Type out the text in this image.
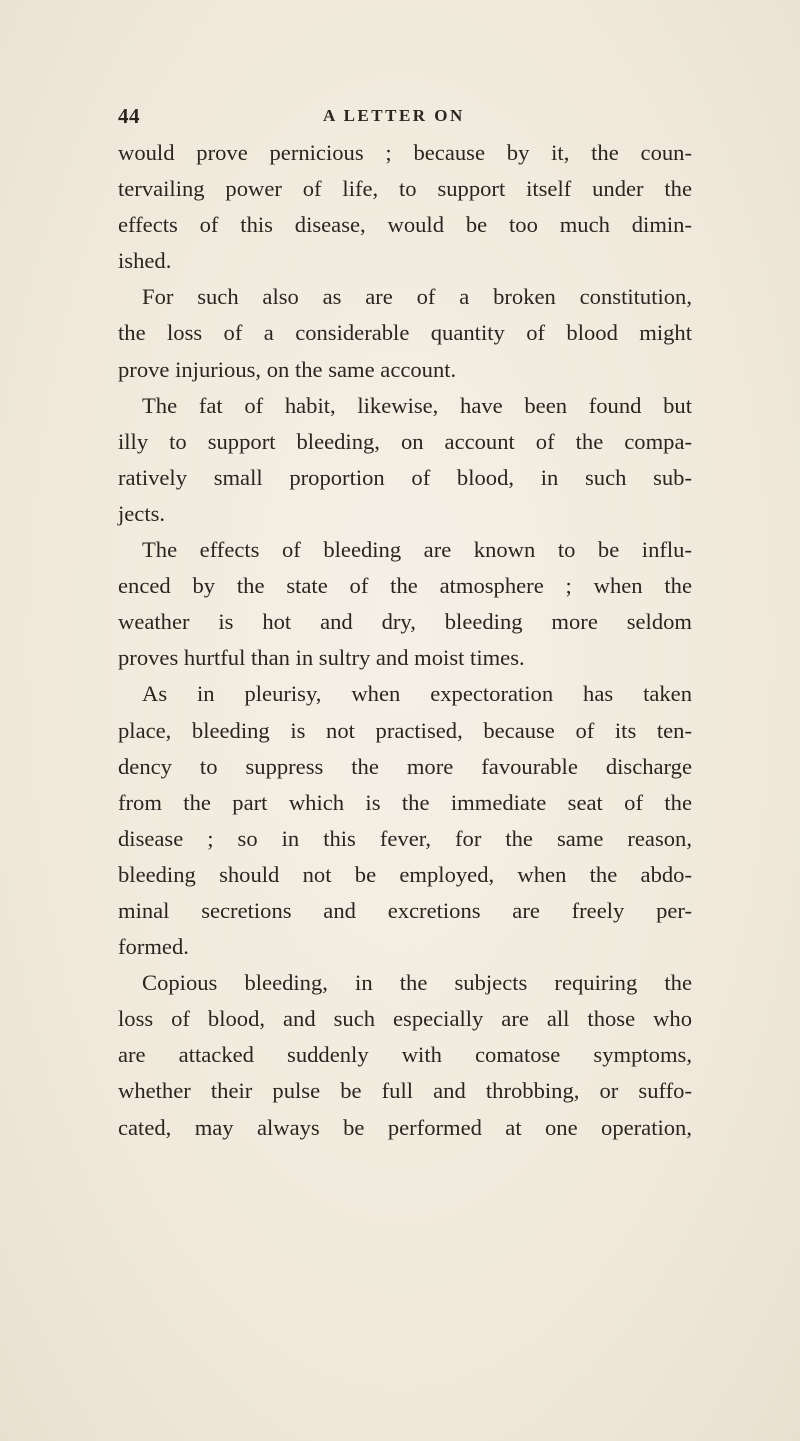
44	A LETTER ON
would prove pernicious ; because by it, the coun-
tervailing power of life, to support itself under the
effects of this disease, would be too much dimin-
ished.
For such also as are of a broken constitution,
the loss of a considerable quantity of blood might
prove injurious, on the same account.
The fat of habit, likewise, have been found but
illy to support bleeding, on account of the compa-
ratively small proportion of blood, in such sub-
jects.
The effects of bleeding are known to be influ-
enced by the state of the atmosphere ; when the
weather is hot and dry, bleeding more seldom
proves hurtful than in sultry and moist times.
As in pleurisy, when expectoration has taken
place, bleeding is not practised, because of its ten-
dency to suppress the more favourable discharge
from the part which is the immediate seat of the
disease ; so in this fever, for the same reason,
bleeding should not be employed, when the abdo-
minal secretions and excretions are freely per-
formed.
Copious bleeding, in the subjects requiring the
loss of blood, and such especially are all those who
are attacked suddenly with comatose symptoms,
whether their pulse be full and throbbing, or suffo-
cated, may always be performed at one operation,
